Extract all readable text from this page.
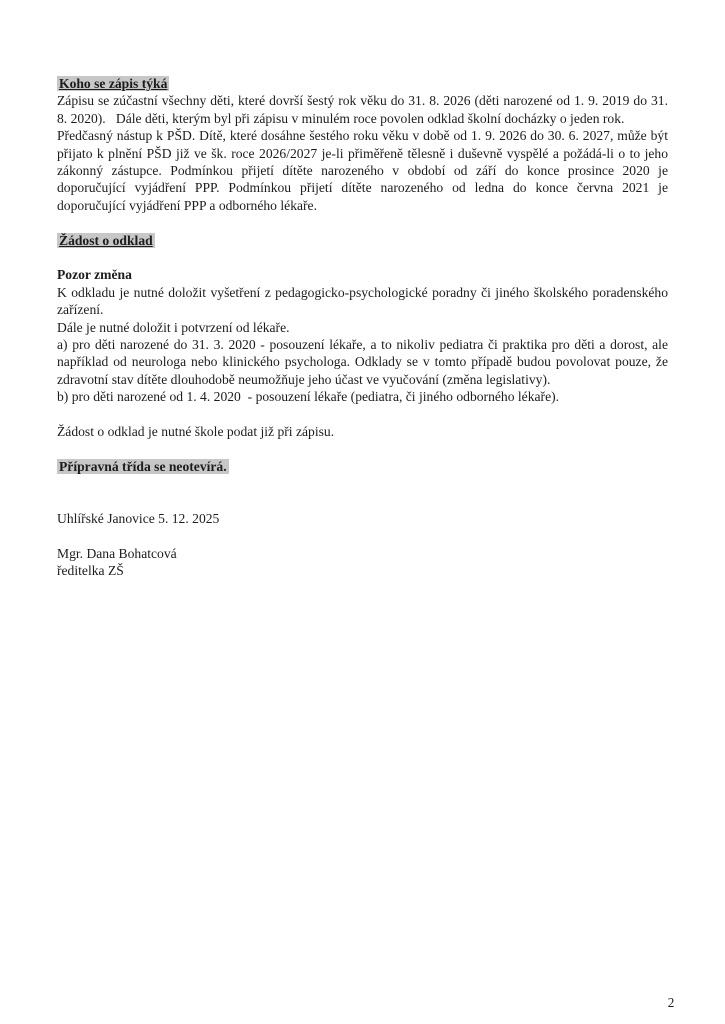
Koho se zápis týká

Zápisu se zúčastní všechny děti, které dovrší šestý rok věku do 31. 8. 2026 (děti narozené od 1. 9. 2019 do 31. 8. 2020).   Dále děti, kterým byl při zápisu v minulém roce povolen odklad školní docházky o jeden rok.

Předčasný nástup k PŠD. Dítě, které dosáhne šestého roku věku v době od 1. 9. 2026 do 30. 6. 2027, může být přijato k plnění PŠD již ve šk. roce 2026/2027 je-li přiměřeně tělesně i duševně vyspělé a požádá-li o to jeho zákonný zástupce. Podmínkou přijetí dítěte narozeného v období od září do konce prosince 2020 je doporučující vyjádření PPP. Podmínkou přijetí dítěte narozeného od ledna do konce června 2021 je doporučující vyjádření PPP a odborného lékaře.

Žádost o odklad

Pozor změna

K odkladu je nutné doložit vyšetření z pedagogicko-psychologické poradny či jiného školského poradenského zařízení.

Dále je nutné doložit i potvrzení od lékaře.

a) pro děti narozené do 31. 3. 2020 - posouzení lékaře, a to nikoliv pediatra či praktika pro děti a dorost, ale například od neurologa nebo klinického psychologa. Odklady se v tomto případě budou povolovat pouze, že zdravotní stav dítěte dlouhodobě neumožňuje jeho účast ve vyučování (změna legislativy).

b) pro děti narozené od 1. 4. 2020  - posouzení lékaře (pediatra, či jiného odborného lékaře).

Žádost o odklad je nutné škole podat již při zápisu.

Přípravná třída se neotevírá.

Uhlířské Janovice 5. 12. 2025

Mgr. Dana Bohatcová

ředitelka ZŠ

2
